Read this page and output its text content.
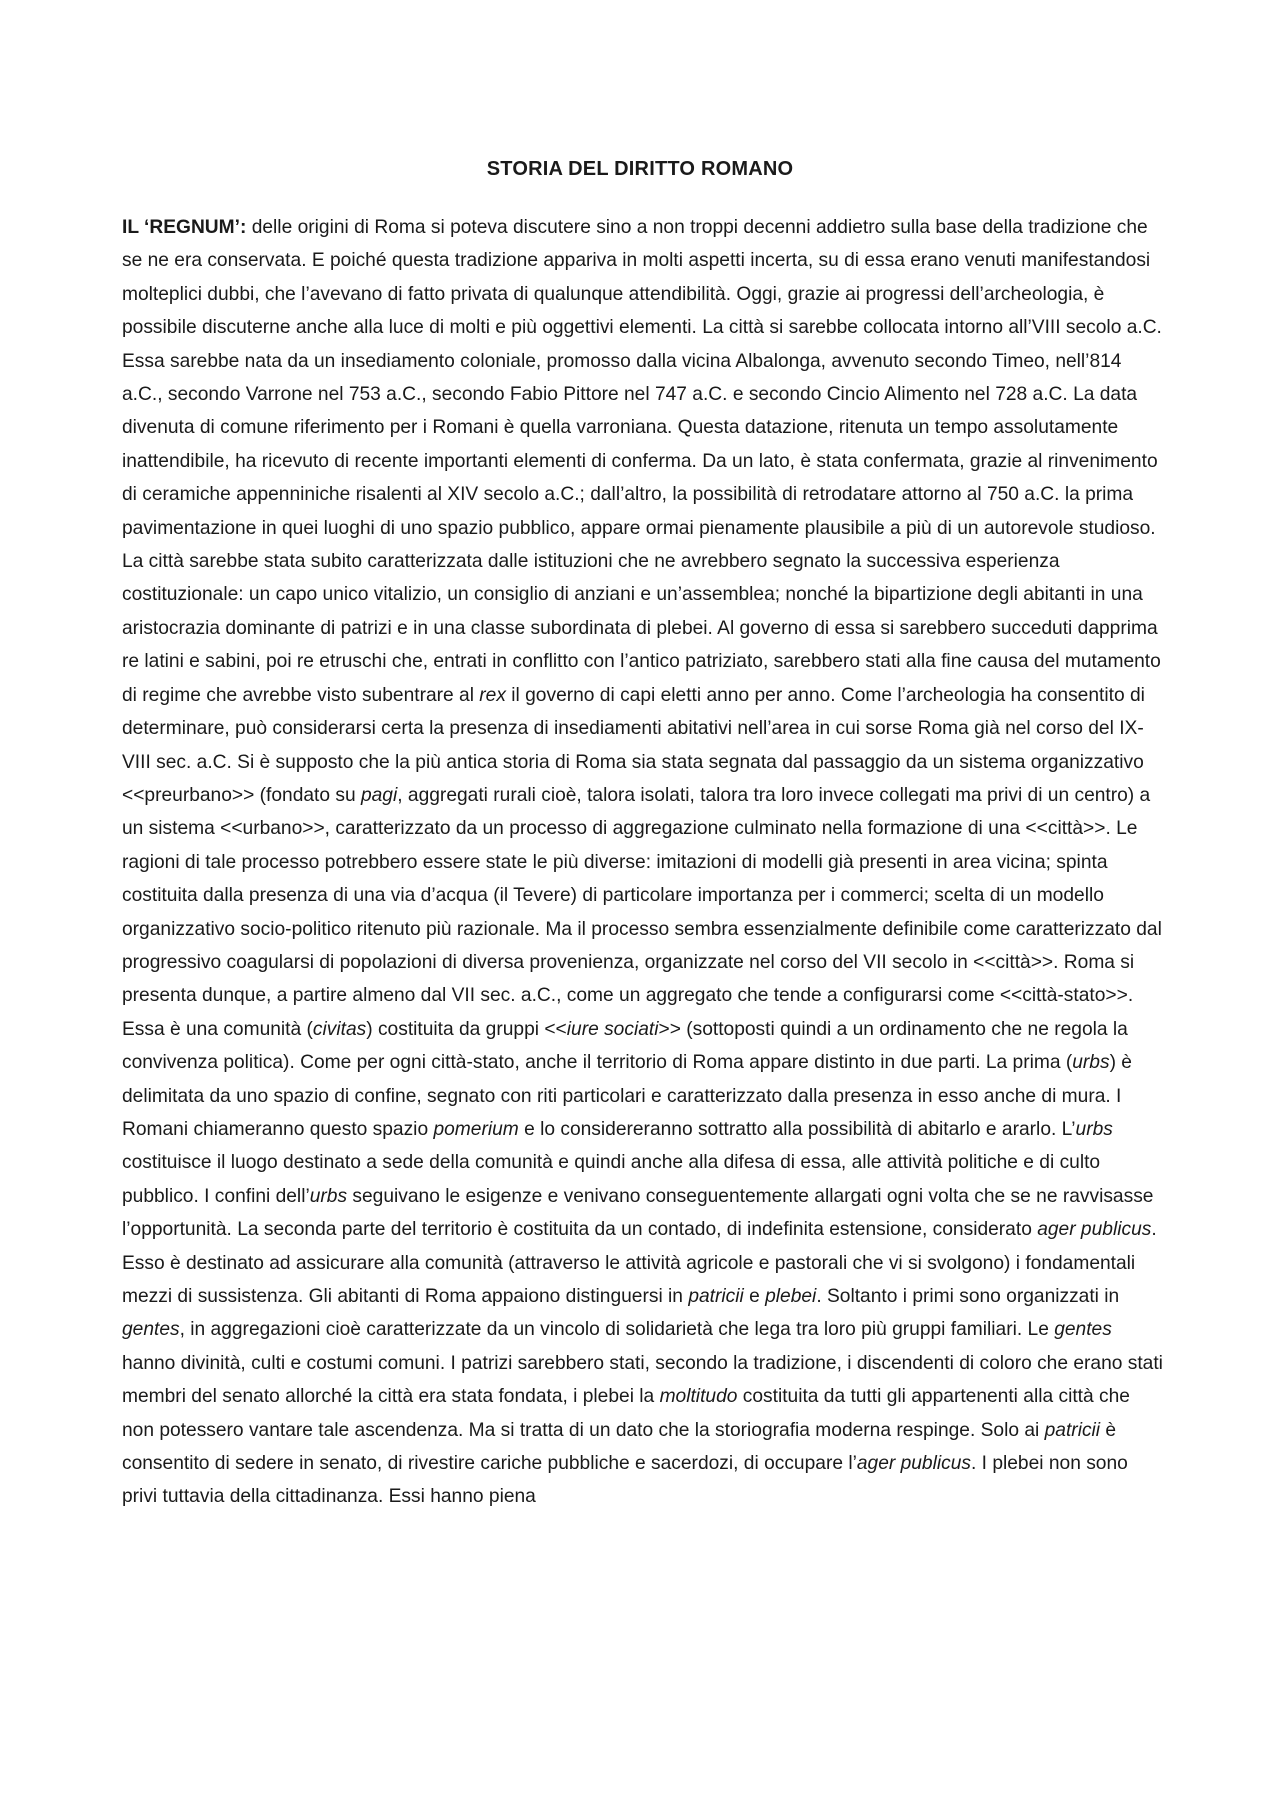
STORIA DEL DIRITTO ROMANO

IL ‘REGNUM’: delle origini di Roma si poteva discutere sino a non troppi decenni addietro sulla base della tradizione che se ne era conservata. E poiché questa tradizione appariva in molti aspetti incerta, su di essa erano venuti manifestandosi molteplici dubbi, che l’avevano di fatto privata di qualunque attendibilità. Oggi, grazie ai progressi dell’archeologia, è possibile discuterne anche alla luce di molti e più oggettivi elementi. La città si sarebbe collocata intorno all’VIII secolo a.C. Essa sarebbe nata da un insediamento coloniale, promosso dalla vicina Albalonga, avvenuto secondo Timeo, nell’814 a.C., secondo Varrone nel 753 a.C., secondo Fabio Pittore nel 747 a.C. e secondo Cincio Alimento nel 728 a.C. La data divenuta di comune riferimento per i Romani è quella varroniana. Questa datazione, ritenuta un tempo assolutamente inattendibile, ha ricevuto di recente importanti elementi di conferma. Da un lato, è stata confermata, grazie al rinvenimento di ceramiche appenniniche risalenti al XIV secolo a.C.; dall’altro, la possibilità di retrodatare attorno al 750 a.C. la prima pavimentazione in quei luoghi di uno spazio pubblico, appare ormai pienamente plausibile a più di un autorevole studioso. La città sarebbe stata subito caratterizzata dalle istituzioni che ne avrebbero segnato la successiva esperienza costituzionale: un capo unico vitalizio, un consiglio di anziani e un’assemblea; nonché la bipartizione degli abitanti in una aristocrazia dominante di patrizi e in una classe subordinata di plebei. Al governo di essa si sarebbero succeduti dapprima re latini e sabini, poi re etruschi che, entrati in conflitto con l’antico patriziato, sarebbero stati alla fine causa del mutamento di regime che avrebbe visto subentrare al rex il governo di capi eletti anno per anno. Come l’archeologia ha consentito di determinare, può considerarsi certa la presenza di insediamenti abitativi nell’area in cui sorse Roma già nel corso del IX-VIII sec. a.C. Si è supposto che la più antica storia di Roma sia stata segnata dal passaggio da un sistema organizzativo <<preurbano>> (fondato su pagi, aggregati rurali cioè, talora isolati, talora tra loro invece collegati ma privi di un centro) a un sistema <<urbano>>, caratterizzato da un processo di aggregazione culminato nella formazione di una <<città>>. Le ragioni di tale processo potrebbero essere state le più diverse: imitazioni di modelli già presenti in area vicina; spinta costituita dalla presenza di una via d’acqua (il Tevere) di particolare importanza per i commerci; scelta di un modello organizzativo socio-politico ritenuto più razionale. Ma il processo sembra essenzialmente definibile come caratterizzato dal progressivo coagularsi di popolazioni di diversa provenienza, organizzate nel corso del VII secolo in <<città>>. Roma si presenta dunque, a partire almeno dal VII sec. a.C., come un aggregato che tende a configurarsi come <<città-stato>>. Essa è una comunità (civitas) costituita da gruppi <<iure sociati>> (sottoposti quindi a un ordinamento che ne regola la convivenza politica). Come per ogni città-stato, anche il territorio di Roma appare distinto in due parti. La prima (urbs) è delimitata da uno spazio di confine, segnato con riti particolari e caratterizzato dalla presenza in esso anche di mura. I Romani chiameranno questo spazio pomerium e lo considereranno sottratto alla possibilità di abitarlo e ararlo. L’urbs costituisce il luogo destinato a sede della comunità e quindi anche alla difesa di essa, alle attività politiche e di culto pubblico. I confini dell’urbs seguivano le esigenze e venivano conseguentemente allargati ogni volta che se ne ravvisasse l’opportunità. La seconda parte del territorio è costituita da un contado, di indefinita estensione, considerato ager publicus. Esso è destinato ad assicurare alla comunità (attraverso le attività agricole e pastorali che vi si svolgono) i fondamentali mezzi di sussistenza. Gli abitanti di Roma appaiono distinguersi in patricii e plebei. Soltanto i primi sono organizzati in gentes, in aggregazioni cioè caratterizzate da un vincolo di solidarietà che lega tra loro più gruppi familiari. Le gentes hanno divinità, culti e costumi comuni. I patrizi sarebbero stati, secondo la tradizione, i discendenti di coloro che erano stati membri del senato allorché la città era stata fondata, i plebei la moltitudo costituita da tutti gli appartenenti alla città che non potessero vantare tale ascendenza. Ma si tratta di un dato che la storiografia moderna respinge. Solo ai patricii è consentito di sedere in senato, di rivestire cariche pubbliche e sacerdozi, di occupare l’ager publicus. I plebei non sono privi tuttavia della cittadinanza. Essi hanno piena
